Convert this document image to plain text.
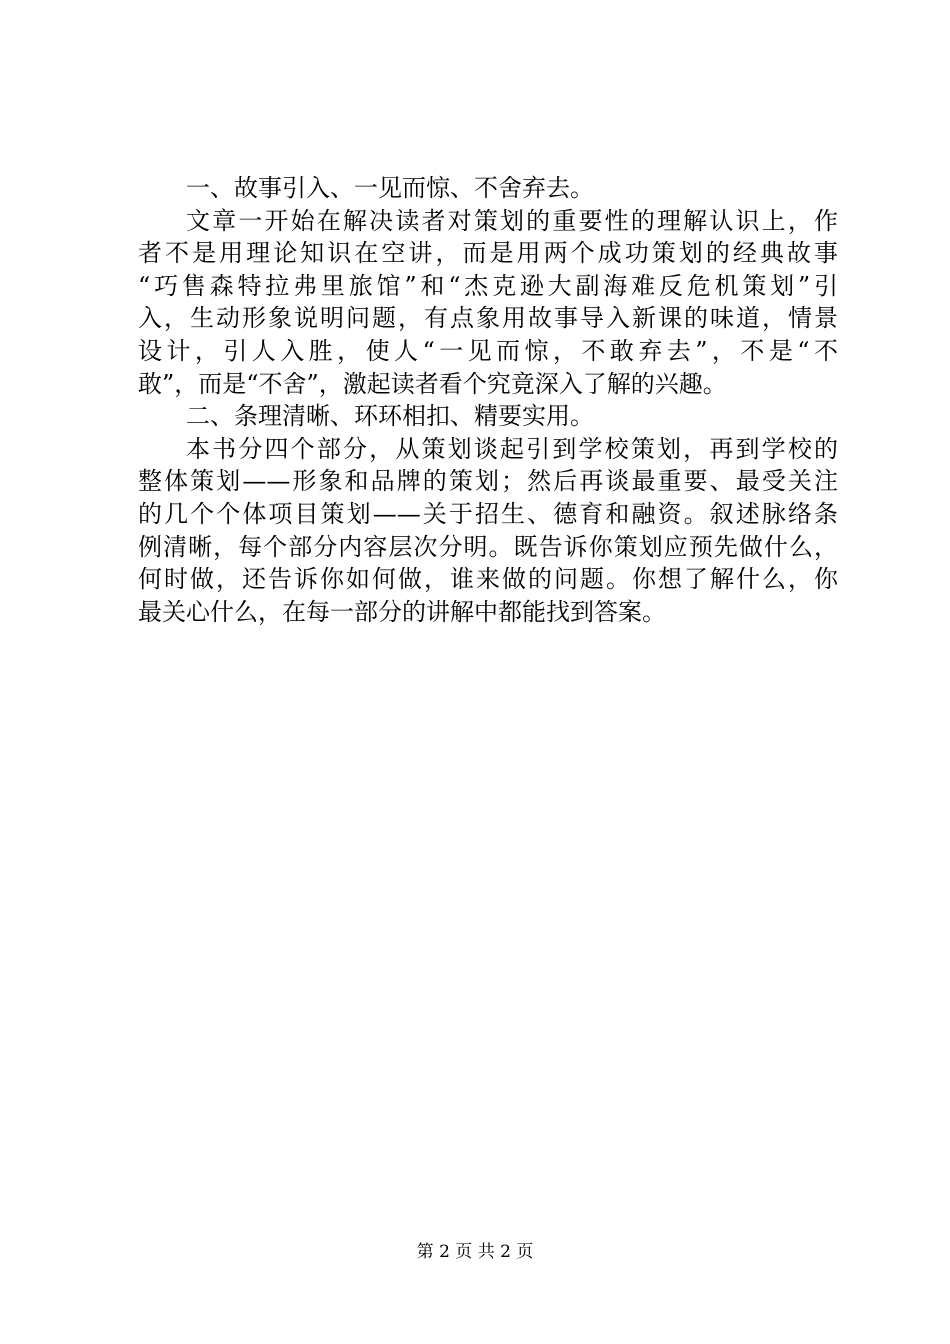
一、故事引入、一见而惊、不舍弃去。
文章一开始在解决读者对策划的重要性的理解认识上，作
者不是用理论知识在空讲，而是用两个成功策划的经典故事
“巧售森特拉弗里旅馆”和“杰克逊大副海难反危机策划”引
入，生动形象说明问题，有点象用故事导入新课的味道，情景
设计，引人入胜，使人“一见而惊，不敢弃去”，不是“不
敢”，而是“不舍”，激起读者看个究竟深入了解的兴趣。
二、条理清晰、环环相扣、精要实用。
本书分四个部分，从策划谈起引到学校策划，再到学校的
整体策划——形象和品牌的策划；然后再谈最重要、最受关注
的几个个体项目策划——关于招生、德育和融资。叙述脉络条
例清晰，每个部分内容层次分明。既告诉你策划应预先做什么，
何时做，还告诉你如何做，谁来做的问题。你想了解什么，你
最关心什么，在每一部分的讲解中都能找到答案。
第 2 页 共 2 页
